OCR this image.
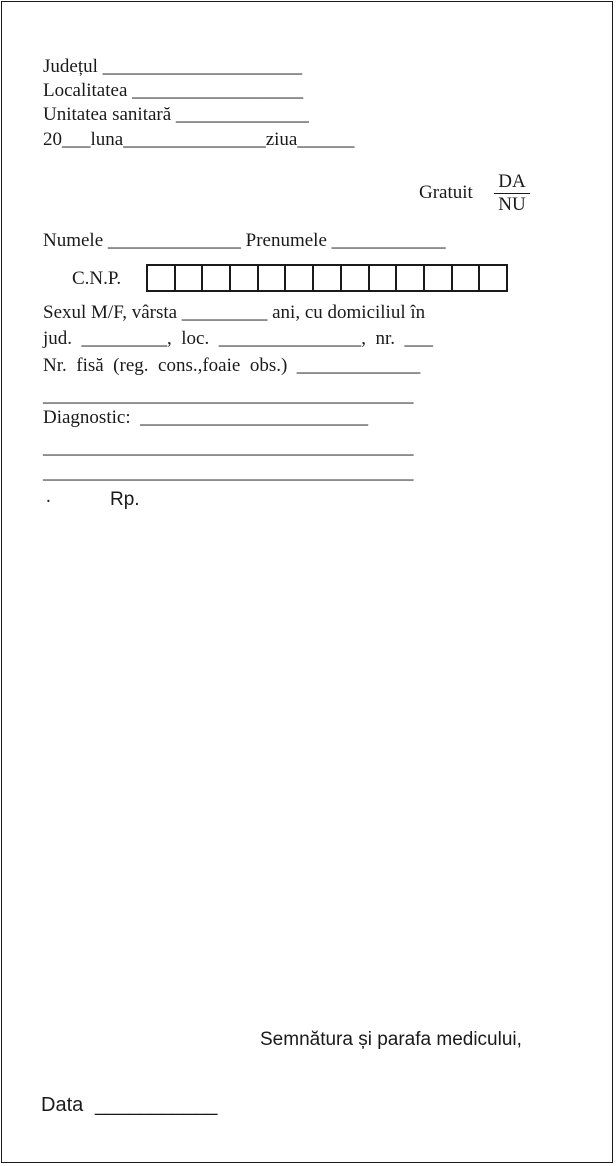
Județul _____________________
Localitatea __________________
Unitatea sanitară ______________
20___luna_______________ziua______
Gratuit
DA
NU
Numele ______________ Prenumele ____________
C.N.P.
Sexul M/F, vârsta _________ ani, cu domiciliul în
jud.  _________,  loc.  _______________,  nr.  ___
Nr.  fisă  (reg.  cons.,foaie  obs.)  _____________
_______________________________________
Diagnostic:  ________________________
_______________________________________
_______________________________________
.	Rp.
Semnătura și parafa medicului,
Data ___________
